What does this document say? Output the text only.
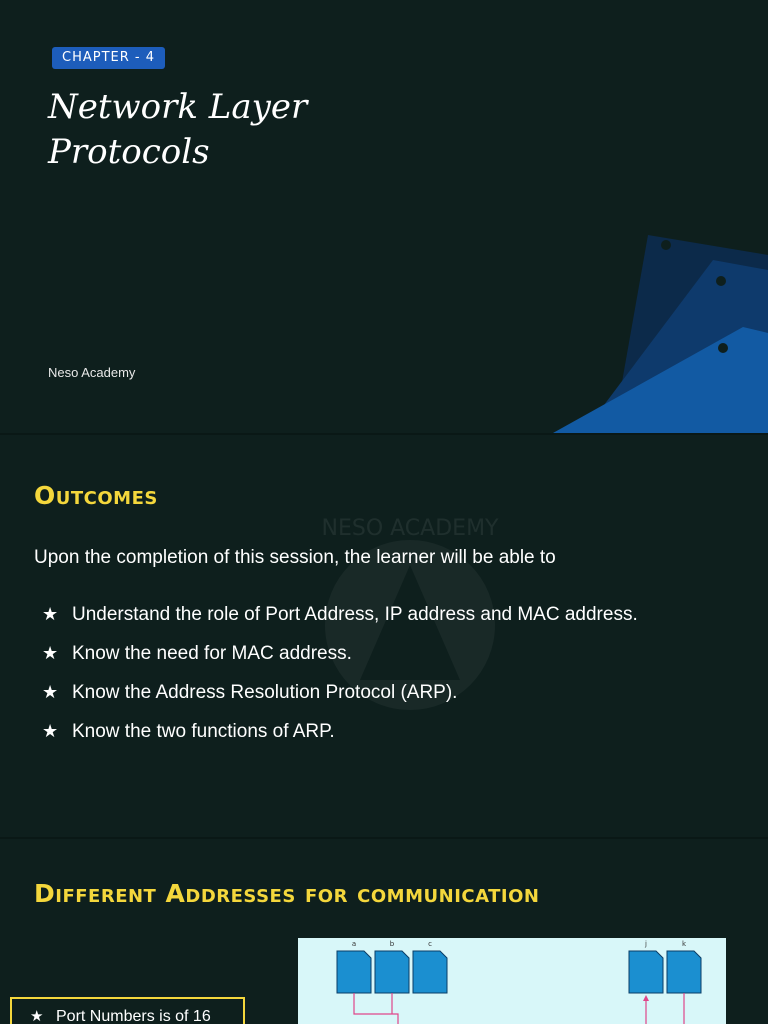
CHAPTER - 4
Network Layer
Protocols
Neso Academy
NESO ACADEMY
Outcomes

Upon the completion of this session, the learner will be able to

★ Understand the role of Port Address, IP address and MAC address.
★ Know the need for MAC address.
★ Know the Address Resolution Protocol (ARP).
★ Know the two functions of ARP.
Different Addresses for communication
a	b	c	j	k
★ Port Numbers is of 16
